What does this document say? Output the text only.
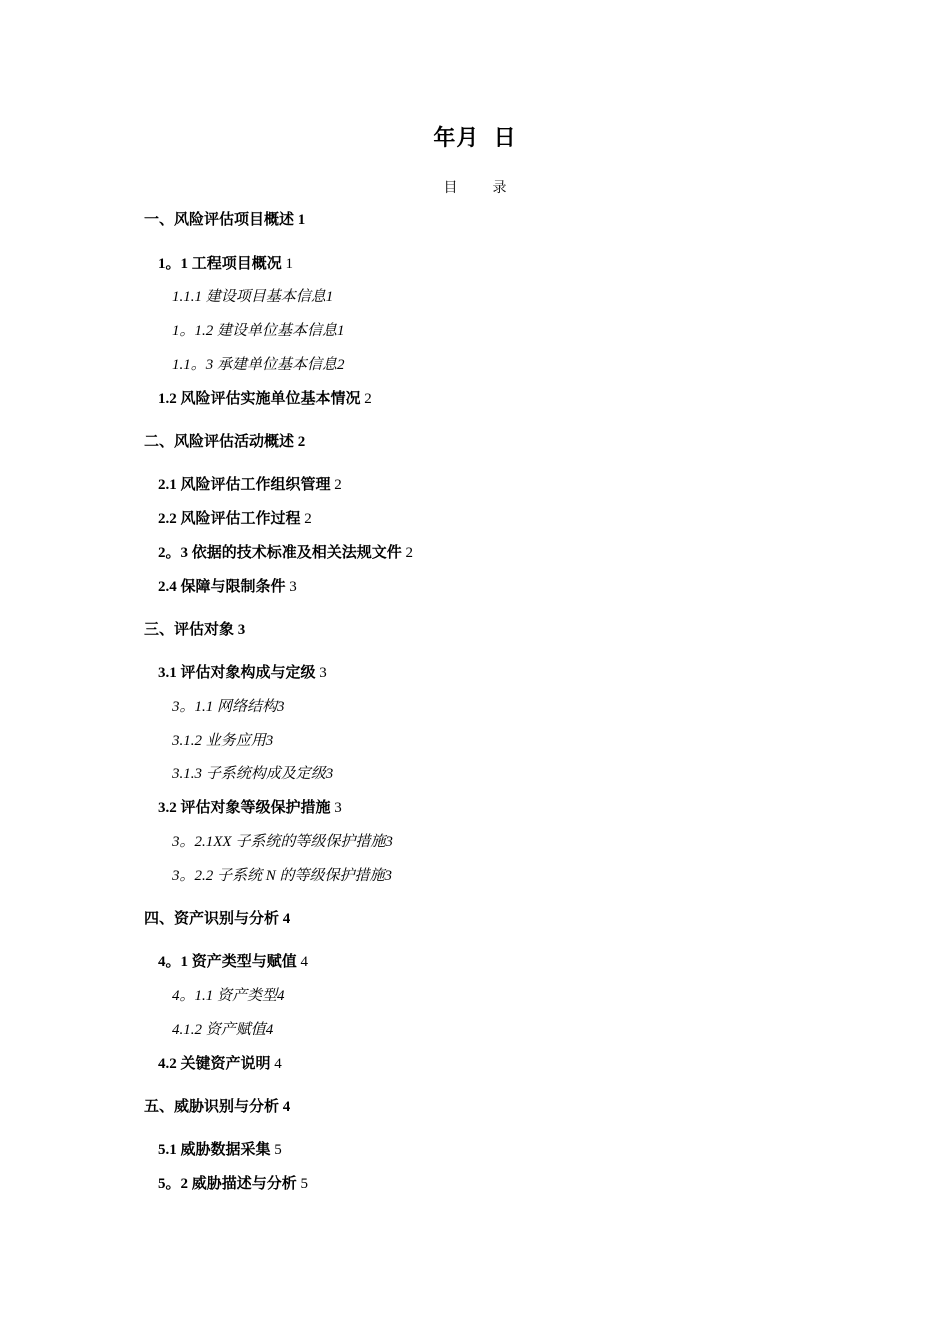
年月  日
目          录
一、风险评估项目概述 1
1。1 工程项目概况 1
1.1.1 建设项目基本信息1
1。1.2 建设单位基本信息1
1.1。3 承建单位基本信息2
1.2 风险评估实施单位基本情况 2
二、风险评估活动概述 2
2.1 风险评估工作组织管理 2
2.2 风险评估工作过程 2
2。3 依据的技术标准及相关法规文件 2
2.4 保障与限制条件 3
三、评估对象 3
3.1 评估对象构成与定级 3
3。1.1 网络结构3
3.1.2 业务应用3
3.1.3 子系统构成及定级3
3.2 评估对象等级保护措施 3
3。2.1XX 子系统的等级保护措施3
3。2.2 子系统 N 的等级保护措施3
四、资产识别与分析 4
4。1 资产类型与赋值 4
4。1.1 资产类型4
4.1.2 资产赋值4
4.2 关键资产说明 4
五、威胁识别与分析 4
5.1 威胁数据采集 5
5。2 威胁描述与分析 5
